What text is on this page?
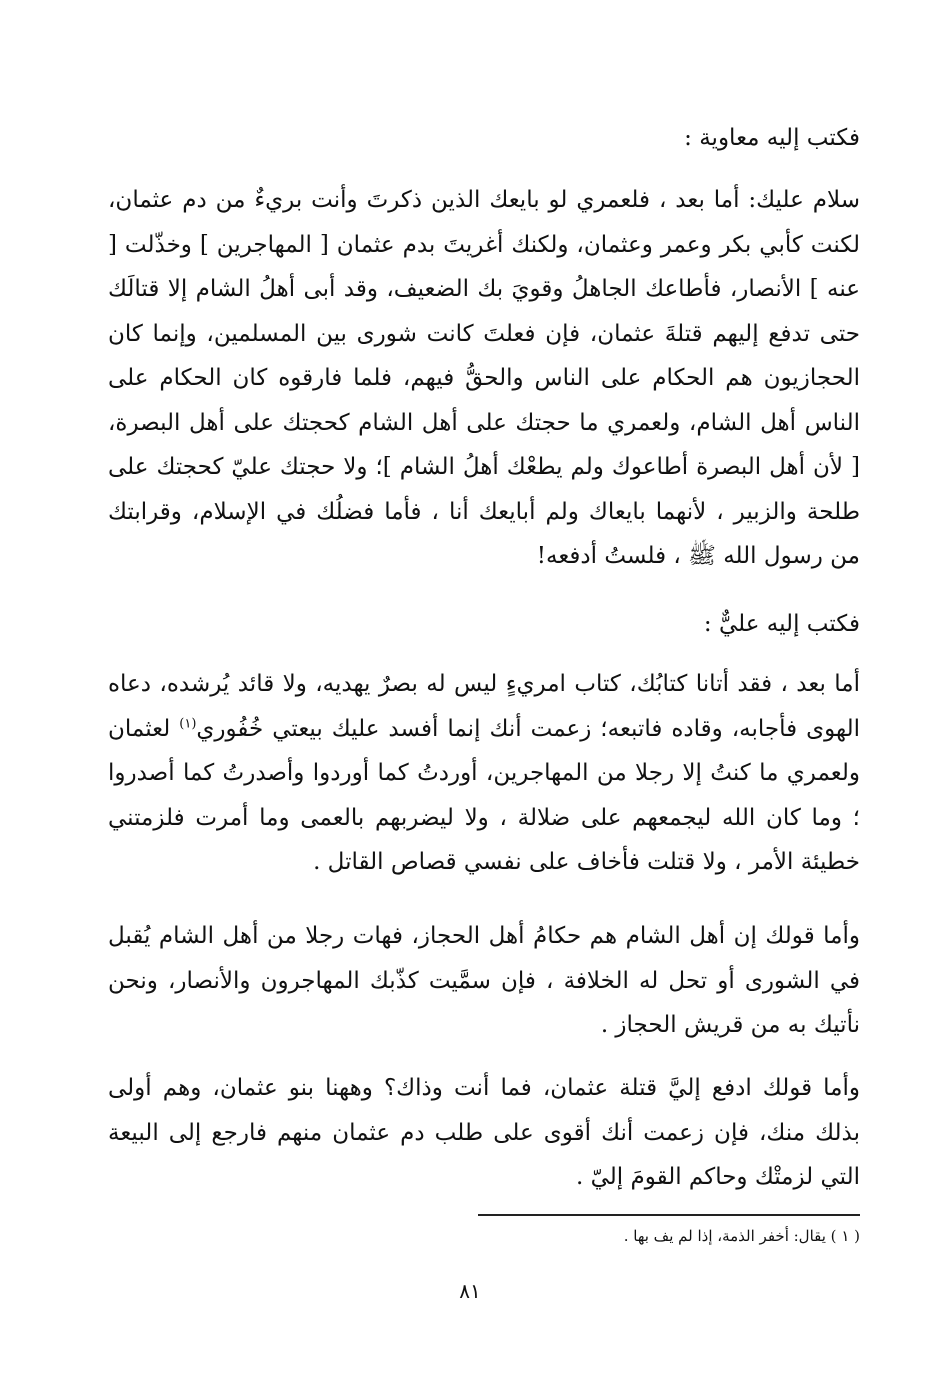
فكتب إليه معاوية :

سلام عليك: أما بعد ، فلعمري لو بايعك الذين ذكرتَ وأنت بريءٌ من دم عثمان، لكنت كأبي بكر وعمر وعثمان، ولكنك أغريتَ بدم عثمان [ المهاجرين ] وخذّلت [ عنه ] الأنصار، فأطاعك الجاهلُ وقويَ بك الضعيف، وقد أبى أهلُ الشام إلا قتالَك حتى تدفع إليهم قتلةَ عثمان، فإن فعلتَ كانت شورى بين المسلمين، وإنما كان الحجازيون هم الحكام على الناس والحقُّ فيهم، فلما فارقوه كان الحكام على الناس أهل الشام، ولعمري ما حجتك على أهل الشام كحجتك على أهل البصرة، [ لأن أهل البصرة أطاعوك ولم يطعْك أهلُ الشام ]؛ ولا حجتك عليّ كحجتك على طلحة والزبير ، لأنهما بايعاك ولم أبايعك أنا ، فأما فضلُك في الإسلام، وقرابتك من رسول الله ﷺ ، فلستُ أدفعه!

فكتب إليه عليٌّ :

أما بعد ، فقد أتانا كتابُك، كتاب امريءٍ ليس له بصرٌ يهديه، ولا قائد يُرشده، دعاه الهوى فأجابه، وقاده فاتبعه؛ زعمت أنك إنما أفسد عليك بيعتي خُفُوري$^{(١)}$ لعثمان ولعمري ما كنتُ إلا رجلا من المهاجرين، أوردتُ كما أوردوا وأصدرتُ كما أصدروا ؛ وما كان الله ليجمعهم على ضلالة ، ولا ليضربهم بالعمى وما أمرت فلزمتني خطيئة الأمر ، ولا قتلت فأخاف على نفسي قصاص القاتل .

وأما قولك إن أهل الشام هم حكامُ أهل الحجاز، فهات رجلا من أهل الشام يُقبل في الشورى أو تحل له الخلافة ، فإن سمَّيت كذّبك المهاجرون والأنصار، ونحن نأتيك به من قريش الحجاز .

وأما قولك ادفع إليَّ قتلة عثمان، فما أنت وذاك؟ وههنا بنو عثمان، وهم أولى بذلك منك، فإن زعمت أنك أقوى على طلب دم عثمان منهم فارجع إلى البيعة التي لزمتْك وحاكم القومَ إليّ .

( ١ ) يقال: أخفر الذمة، إذا لم يف بها .

٨١
